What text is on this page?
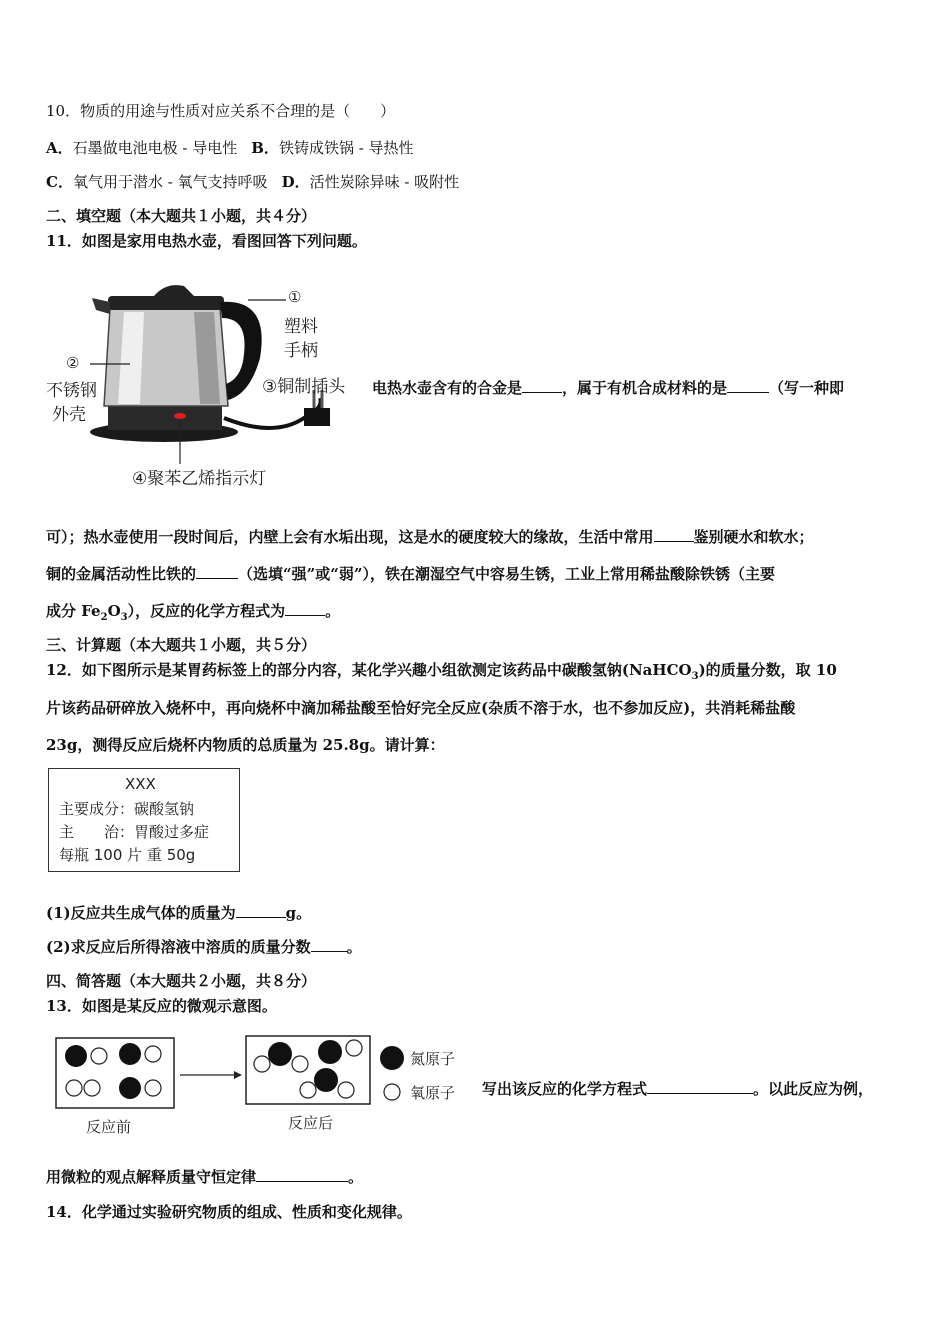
10．物质的用途与性质对应关系不合理的是（　　）
A．石墨做电池电极 - 导电性 B．铁铸成铁锅 - 导热性
C．氧气用于潜水 - 氧气支持呼吸 D．活性炭除异味 - 吸附性
二、填空题（本大题共１小题，共４分）
11．如图是家用电热水壶，看图回答下列问题。
①
塑料
手柄
②
不锈钢
外壳
③铜制插头
④聚苯乙烯指示灯
电热水壶含有的合金是	，属于有机合成材料的是	（写一种即
可）；热水壶使用一段时间后，内壁上会有水垢出现，这是水的硬度较大的缘故，生活中常用	鉴别硬水和软水；
铜的金属活动性比铁的	（选填“强”或“弱”），铁在潮湿空气中容易生锈，工业上常用稀盐酸除铁锈（主要
成分 $Fe_2O_3$），反应的化学方程式为	。
三、计算题（本大题共１小题，共５分）
12．如下图所示是某胃药标签上的部分内容，某化学兴趣小组欲测定该药品中碳酸氢钠(NaHCO$_3$)的质量分数，取 10
片该药品研碎放入烧杯中，再向烧杯中滴加稀盐酸至恰好完全反应(杂质不溶于水，也不参加反应)，共消耗稀盐酸
23g，测得反应后烧杯内物质的总质量为 25.8g。请计算：
XXX
主要成分：碳酸氢钠
主　　治：胃酸过多症
每瓶 100 片 重 50g
(1)反应共生成气体的质量为	g。
(2)求反应后所得溶液中溶质的质量分数 。
四、简答题（本大题共２小题，共８分）
13．如图是某反应的微观示意图。
氮原子
氧原子
反应前	反应后
写出该反应的化学方程式	。以此反应为例，
用微粒的观点解释质量守恒定律	。
14．化学通过实验研究物质的组成、性质和变化规律。
